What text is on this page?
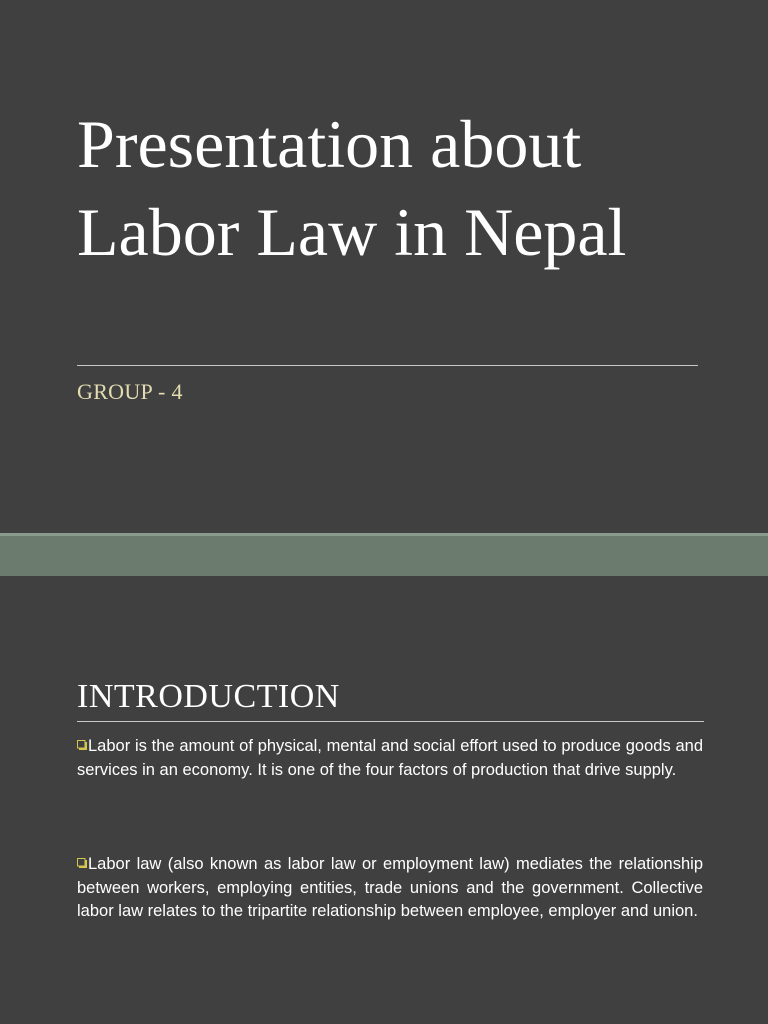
Presentation about Labor Law in Nepal

GROUP - 4

INTRODUCTION

Labor is the amount of physical, mental and social effort used to produce goods and services in an economy. It is one of the four factors of production that drive supply.

Labor law (also known as labor law or employment law) mediates the relationship between workers, employing entities, trade unions and the government. Collective labor law relates to the tripartite relationship between employee, employer and union.
